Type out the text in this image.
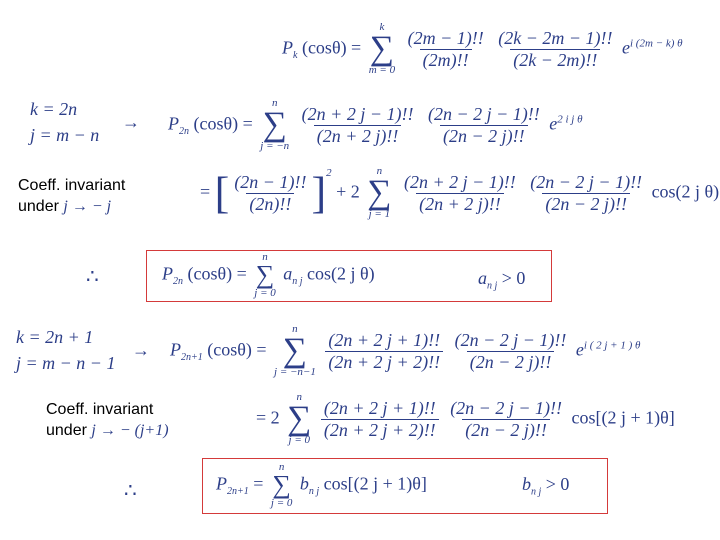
$P_k$ (cosθ) =
k
∑
m = 0
$\frac{(2m - 1)!!}{(2m)!!}$
$\frac{(2k - 2m - 1)!!}{(2k - 2m)!!} e^{i (2m - k) \theta}$
k = 2n
j = m − n
→ $P_{2n}$ (cosθ) =
n
∑
j = −n
$\frac{(2n + 2 j - 1)!!}{(2n + 2 j)!!}$
$\frac{(2n - 2 j - 1)!!}{(2n - 2 j)!!} e^{2 i j \theta}$
Coeff. invariant
under j → − j
= [ $\frac{(2n - 1)!!}{(2n)!!} ]^2 + 2$
n
∑
j = 1
$\frac{(2n + 2 j - 1)!!}{(2n + 2 j)!!}$
$\frac{(2n - 2 j - 1)!!}{(2n - 2 j)!!} \cos(2$ j θ)
∴	$P_{2n}$ (cosθ) =
n
∑
j = 0
$a_{n j}$ cos(2 j θ)	$a_{n j} > 0$
k = 2n + 1
j = m − n − 1
→ $P_{2n+1}$ (cosθ) =
n
∑
j = −n−1
$\frac{(2n + 2 j + 1)!!}{(2n + 2 j + 2)!!}$
$\frac{(2n - 2 j - 1)!!}{(2n - 2 j)!!} e^{i ( 2 j + 1 ) \theta}$
Coeff. invariant
under j → − (j+1)
= 2
n
∑
j = 0
$\frac{(2n + 2 j + 1)!!}{(2n + 2 j + 2)!!}$
$\frac{(2n - 2 j - 1)!!}{(2n - 2 j)!!} \cos[(2$ j + 1)θ]
∴	$P_{2n+1}$ =
n
∑
j = 0
$b_{n j}$ cos[(2 j + 1)θ]	$b_{n j} > 0$
